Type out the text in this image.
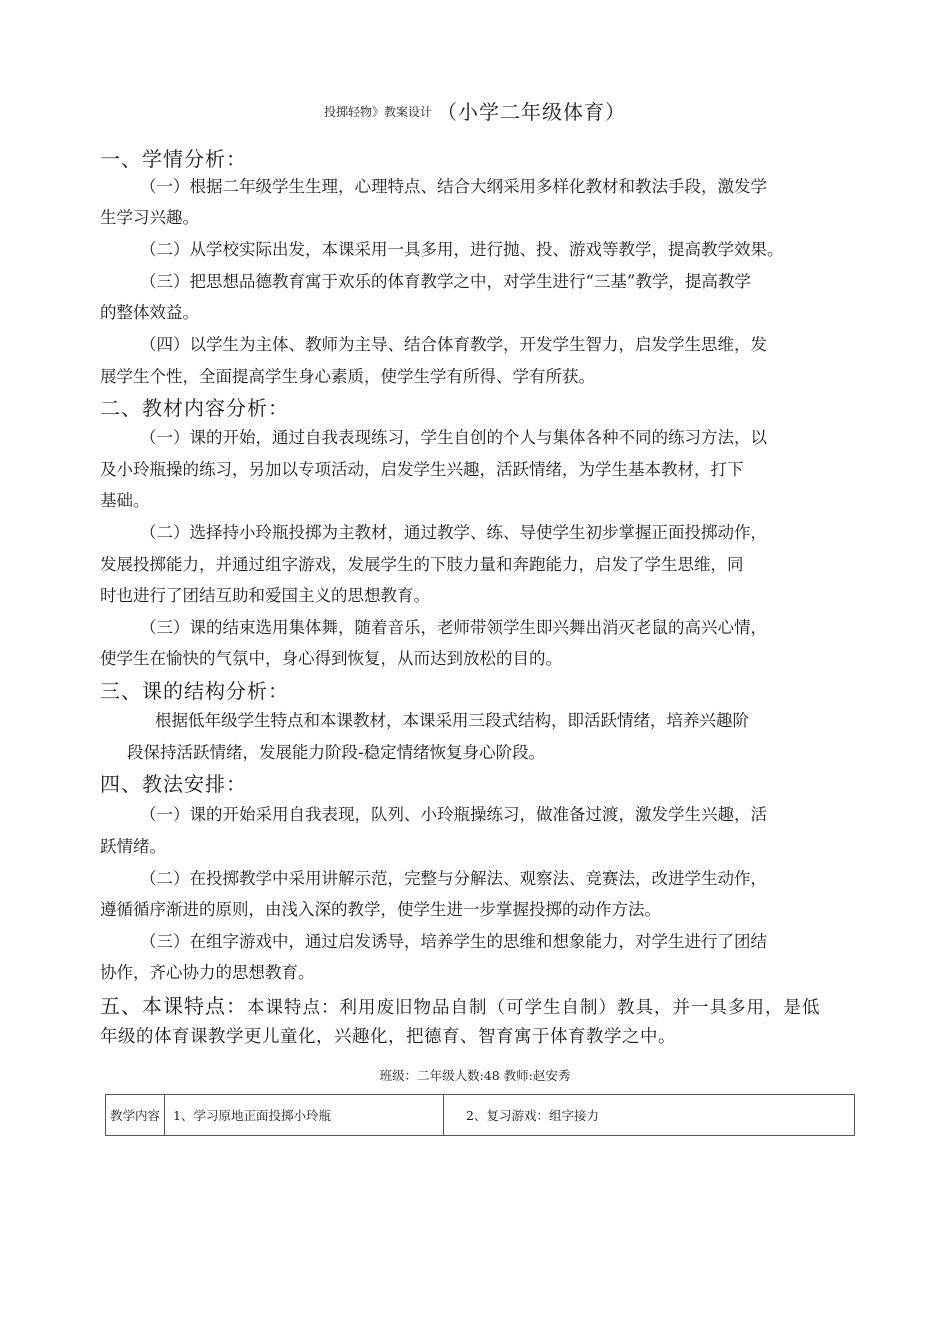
投掷轻物》教案设计 （小学二年级体育）
一、学情分析：
（一）根据二年级学生生理，心理特点、结合大纲采用多样化教材和教法手段，激发学
生学习兴趣。
（二）从学校实际出发，本课采用一具多用，进行抛、投、游戏等教学，提高教学效果。
（三）把思想品德教育寓于欢乐的体育教学之中，对学生进行“三基”教学，提高教学
的整体效益。
（四）以学生为主体、教师为主导、结合体育教学，开发学生智力，启发学生思维，发
展学生个性，全面提高学生身心素质，使学生学有所得、学有所获。
二、教材内容分析：
（一）课的开始，通过自我表现练习，学生自创的个人与集体各种不同的练习方法，以
及小玲瓶操的练习，另加以专项活动，启发学生兴趣，活跃情绪，为学生基本教材，打下
基础。
（二）选择持小玲瓶投掷为主教材，通过教学、练、导使学生初步掌握正面投掷动作，
发展投掷能力，并通过组字游戏，发展学生的下肢力量和奔跑能力，启发了学生思维，同
时也进行了团结互助和爱国主义的思想教育。
（三）课的结束选用集体舞，随着音乐，老师带领学生即兴舞出消灭老鼠的高兴心情，
使学生在愉快的气氛中，身心得到恢复，从而达到放松的目的。
三、课的结构分析：
根据低年级学生特点和本课教材，本课采用三段式结构，即活跃情绪，培养兴趣阶
段保持活跃情绪，发展能力阶段-稳定情绪恢复身心阶段。
四、教法安排：
（一）课的开始采用自我表现，队列、小玲瓶操练习，做准备过渡，激发学生兴趣，活
跃情绪。
（二）在投掷教学中采用讲解示范，完整与分解法、观察法、竞赛法，改进学生动作，
遵循循序渐进的原则，由浅入深的教学，使学生进一步掌握投掷的动作方法。
（三）在组字游戏中，通过启发诱导，培养学生的思维和想象能力，对学生进行了团结
协作，齐心协力的思想教育。
五、本课特点：本课特点：利用废旧物品自制（可学生自制）教具，并一具多用，是低
年级的体育课教学更儿童化，兴趣化，把德育、智育寓于体育教学之中。
班级：二年级人数:48 教师:赵安秀
教学内容	1、学习原地正面投掷小玲瓶	2、复习游戏：组字接力
